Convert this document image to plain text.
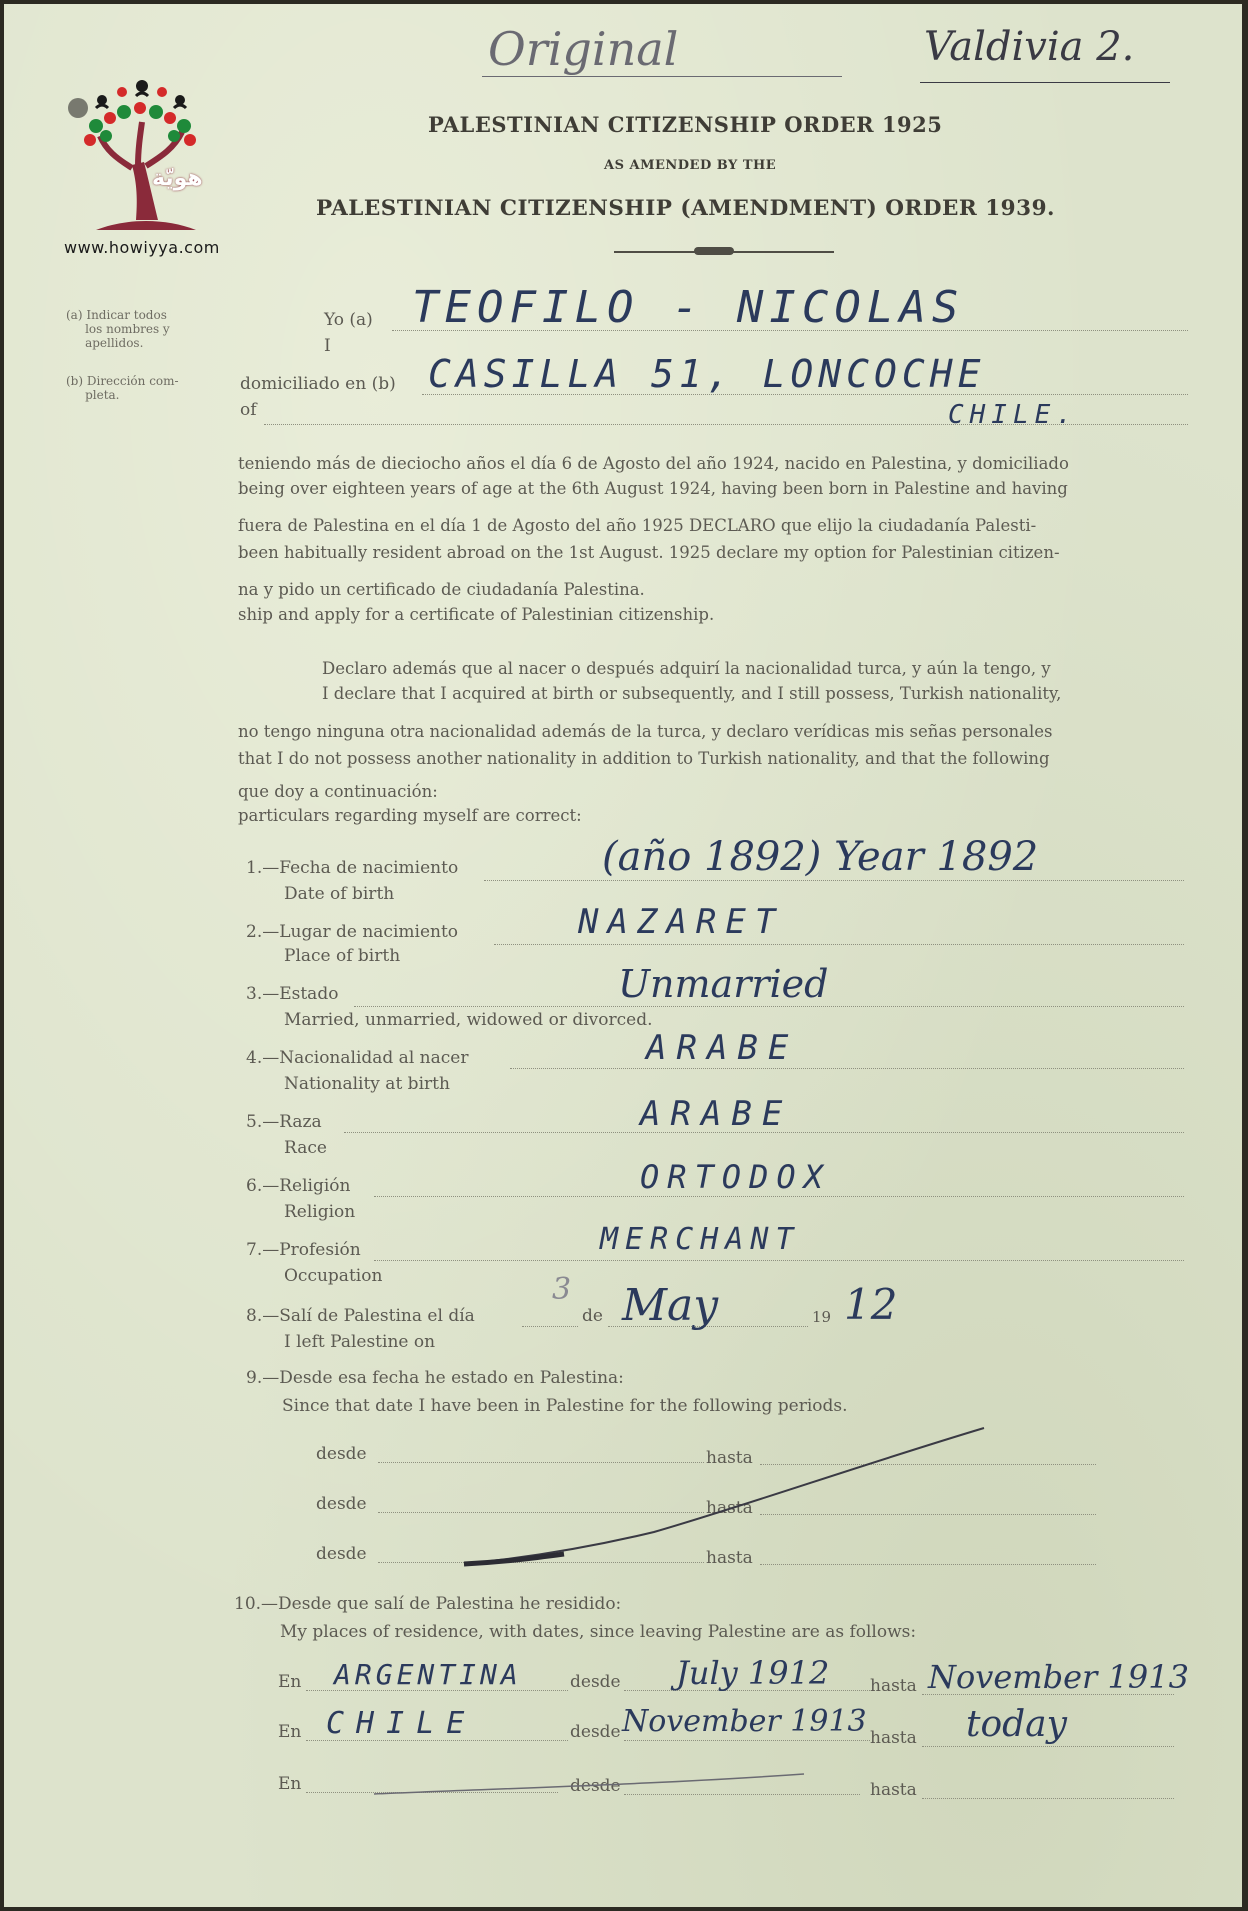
هويّة
www.howiyya.com
Original	Valdivia 2.
PALESTINIAN CITIZENSHIP ORDER 1925
AS AMENDED BY THE
PALESTINIAN CITIZENSHIP (AMENDMENT) ORDER 1939.
(a) Indicar todos
los nombres y
apellidos.
(b) Dirección com-
pleta.
Yo (a)
I
TEOFILO - NICOLAS
domiciliado en (b)
of
CASILLA 51, LONCOCHE
CHILE.
teniendo más de dieciocho años el día 6 de Agosto del año 1924, nacido en Palestina, y domiciliado
being over eighteen years of age at the 6th August 1924, having been born in Palestine and having
fuera de Palestina en el día 1 de Agosto del año 1925 DECLARO que elijo la ciudadanía Palesti-
been habitually resident abroad on the 1st August. 1925 declare my option for Palestinian citizen-
na y pido un certificado de ciudadanía Palestina.
ship and apply for a certificate of Palestinian citizenship.
Declaro además que al nacer o después adquirí la nacionalidad turca, y aún la tengo, y
I declare that I acquired at birth or subsequently, and I still possess, Turkish nationality,
no tengo ninguna otra nacionalidad además de la turca, y declaro verídicas mis señas personales
that I do not possess another nationality in addition to Turkish nationality, and that the following
que doy a continuación:
particulars regarding myself are correct:
1.—Fecha de nacimiento
Date of birth
(año 1892) Year 1892
2.—Lugar de nacimiento
Place of birth
NAZARET
3.—Estado
Married, unmarried, widowed or divorced.
Unmarried
4.—Nacionalidad al nacer
Nationality at birth
ARABE
5.—Raza
Race
ARABE
6.—Religión
Religion
ORTODOX
7.—Profesión
Occupation
MERCHANT
8.—Salí de Palestina el día
I left Palestine on
3
de May	19 12
9.—Desde esa fecha he estado en Palestina:
Since that date I have been in Palestine for the following periods.
desde	hasta
desde	hasta
desde	hasta
10.—Desde que salí de Palestina he residido:
My places of residence, with dates, since leaving Palestine are as follows:
En ARGENTINA	desde July 1912 hasta November 1913
En CHILE	desde November 1913 hasta today
En	desde	hasta
